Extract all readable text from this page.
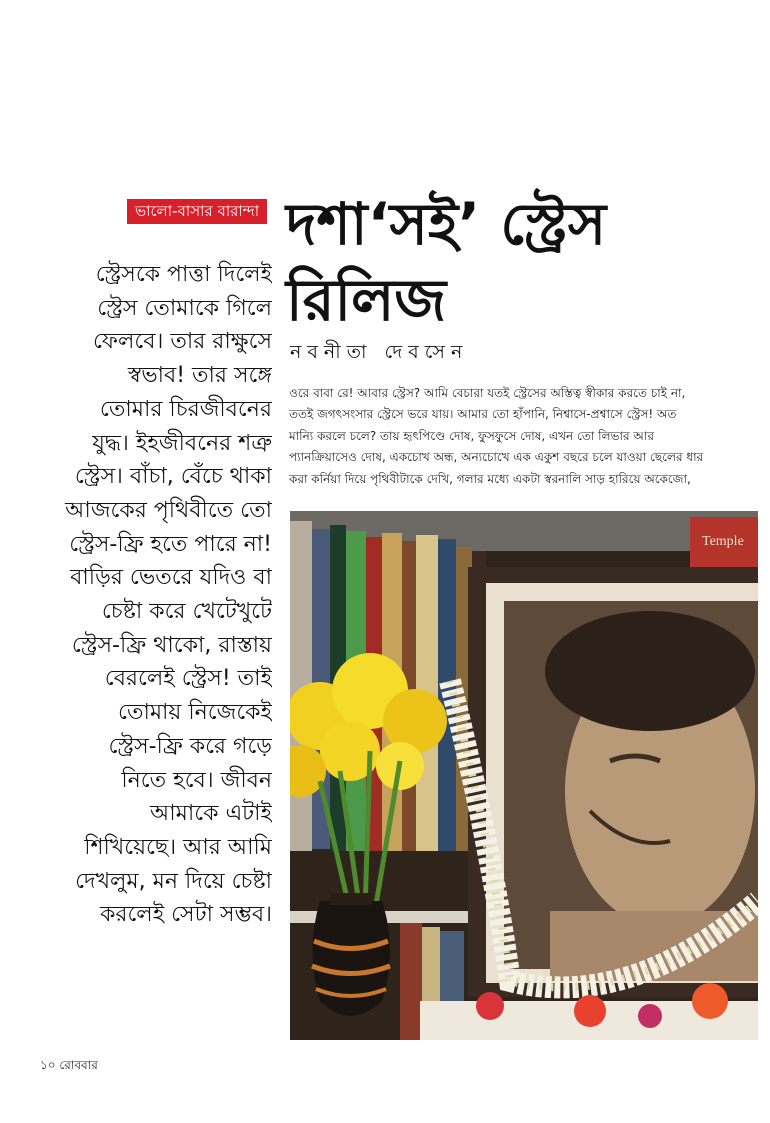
ভালো-বাসার বারান্দা দশা‘সই’ স্ট্রেস
রিলিজ
নবনীতা দেবসেন
স্ট্রেসকে পাত্তা দিলেই
স্ট্রেস তোমাকে গিলে
ফেলবে। তার রাক্ষুসে
স্বভাব! তার সঙ্গে
তোমার চিরজীবনের
যুদ্ধ। ইহজীবনের শত্রু
স্ট্রেস। বাঁচা, বেঁচে থাকা
আজকের পৃথিবীতে তো
স্ট্রেস-ফ্রি হতে পারে না!
বাড়ির ভেতরে যদিও বা
চেষ্টা করে খেটেখুটে
স্ট্রেস-ফ্রি থাকো, রাস্তায়
বেরলেই স্ট্রেস! তাই
তোমায় নিজেকেই
স্ট্রেস-ফ্রি করে গড়ে
নিতে হবে। জীবন
আমাকে এটাই
শিখিয়েছে। আর আমি
দেখলুম, মন দিয়ে চেষ্টা
করলেই সেটা সম্ভব।
ওরে বাবা রে! আবার স্ট্রেস? আমি বেচারা যতই স্ট্রেসের অস্তিত্ব স্বীকার করতে চাই না,
ততই জগৎসংসার স্ট্রেসে ভরে যায়। আমার তো হাঁপানি, নিশ্বাসে-প্রশ্বাসে স্ট্রেস! অত
মান্যি করলে চলে? তায় হৃৎপিণ্ডে দোষ, ফুসফুসে দোষ, এখন তো লিভার আর
প্যানক্রিয়াসেও দোষ, একচোখ অন্ধ, অন্যচোখে এক একুশ বছরে চলে যাওয়া ছেলের ধার
করা কর্নিয়া দিয়ে পৃথিবীটাকে দেখি, গলার মধ্যে একটা স্বরনালি সাড় হারিয়ে অকেজো,
Temple
১০ রোববার
